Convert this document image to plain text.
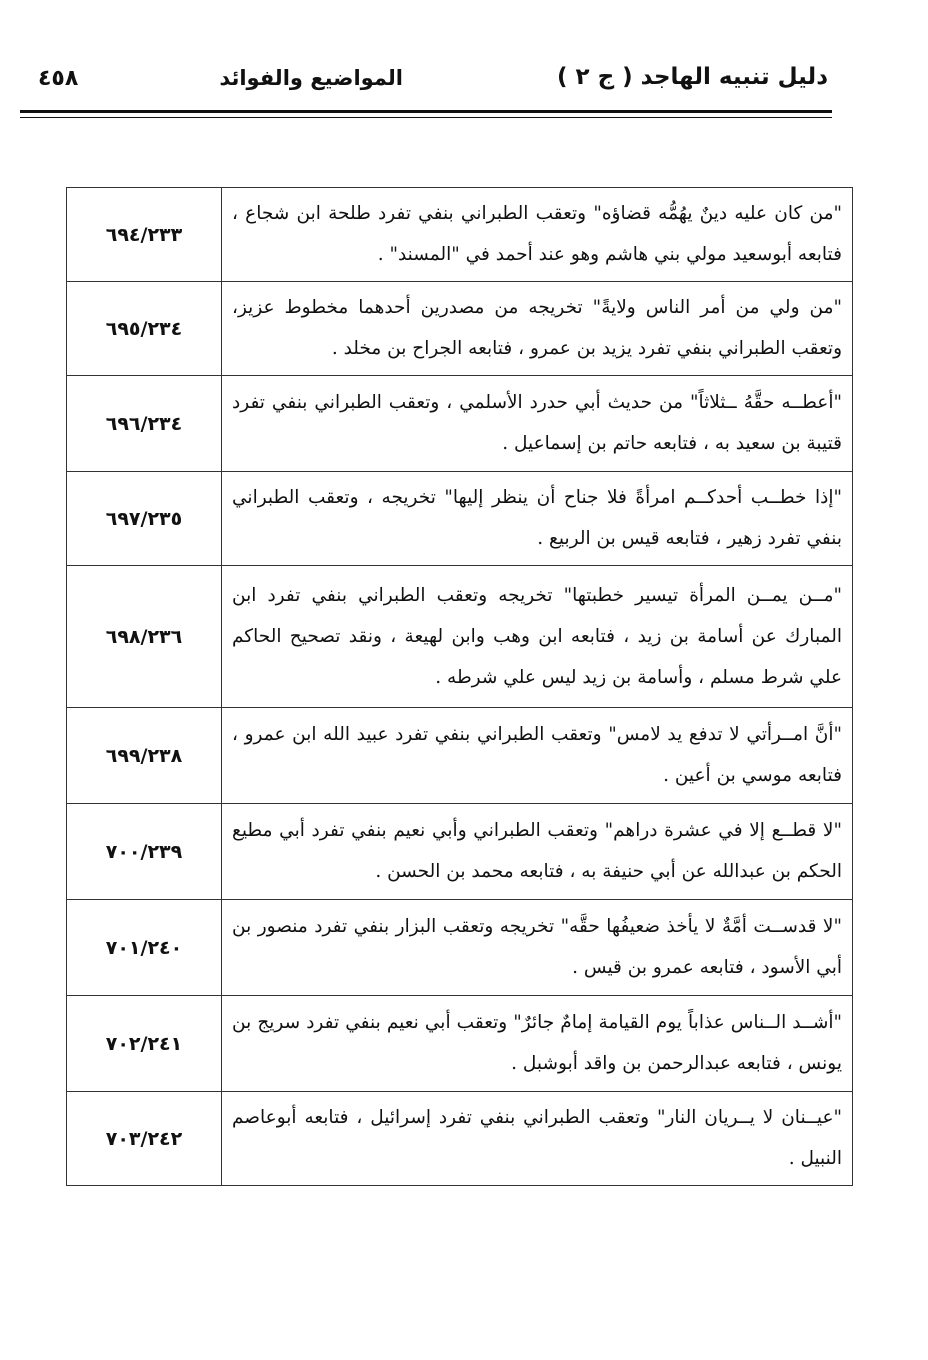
دليل تنبيه الهاجد ( ج ٢ )
المواضيع والفوائد
٤٥٨
"من كان عليه دينٌ يهُمُّه قضاؤه" وتعقب الطبراني بنفي تفرد طلحة ابن شجاع ، فتابعه أبوسعيد مولي بني هاشم وهو عند أحمد في "المسند" .	٦٩٤/٢٣٣
"من ولي من أمر الناس ولايةً" تخريجه من مصدرين أحدهما مخطوط عزيز، وتعقب الطبراني بنفي تفرد يزيد بن عمرو ، فتابعه الجراح بن مخلد .	٦٩٥/٢٣٤
"أعطــه حقَّهُ ــثلاثاً" من حديث أبي حدرد الأسلمي ، وتعقب الطبراني بنفي تفرد قتيبة بن سعيد به ، فتابعه حاتم بن إسماعيل .	٦٩٦/٢٣٤
"إذا خطــب أحدكــم امرأةً فلا جناح أن ينظر إليها" تخريجه ، وتعقب الطبراني بنفي تفرد زهير ، فتابعه قيس بن الربيع .	٦٩٧/٢٣٥
"مــن يمــن المرأة تيسير خطبتها" تخريجه وتعقب الطبراني بنفي تفرد ابن المبارك عن أسامة بن زيد ، فتابعه ابن وهب وابن لهيعة ، ونقد تصحيح الحاكم علي شرط مسلم ، وأسامة بن زيد ليس علي شرطه .	٦٩٨/٢٣٦
"أنَّ امــرأتي لا تدفع يد لامس" وتعقب الطبراني بنفي تفرد عبيد الله ابن عمرو ، فتابعه موسي بن أعين .	٦٩٩/٢٣٨
"لا قطــع إلا في عشرة دراهم" وتعقب الطبراني وأبي نعيم بنفي تفرد أبي مطيع الحكم بن عبدالله عن أبي حنيفة به ، فتابعه محمد بن الحسن .	٧٠٠/٢٣٩
"لا قدســت أمَّةٌ لا يأخذ ضعيفُها حقَّه" تخريجه وتعقب البزار بنفي تفرد منصور بن أبي الأسود ، فتابعه عمرو بن قيس .	٧٠١/٢٤٠
"أشــد الــناس عذاباً يوم القيامة إمامٌ جائرٌ" وتعقب أبي نعيم بنفي تفرد سريج بن يونس ، فتابعه عبدالرحمن بن واقد أبوشبل .	٧٠٢/٢٤١
"عيــنان لا يــريان النار" وتعقب الطبراني بنفي تفرد إسرائيل ، فتابعه أبوعاصم النبيل .	٧٠٣/٢٤٢
